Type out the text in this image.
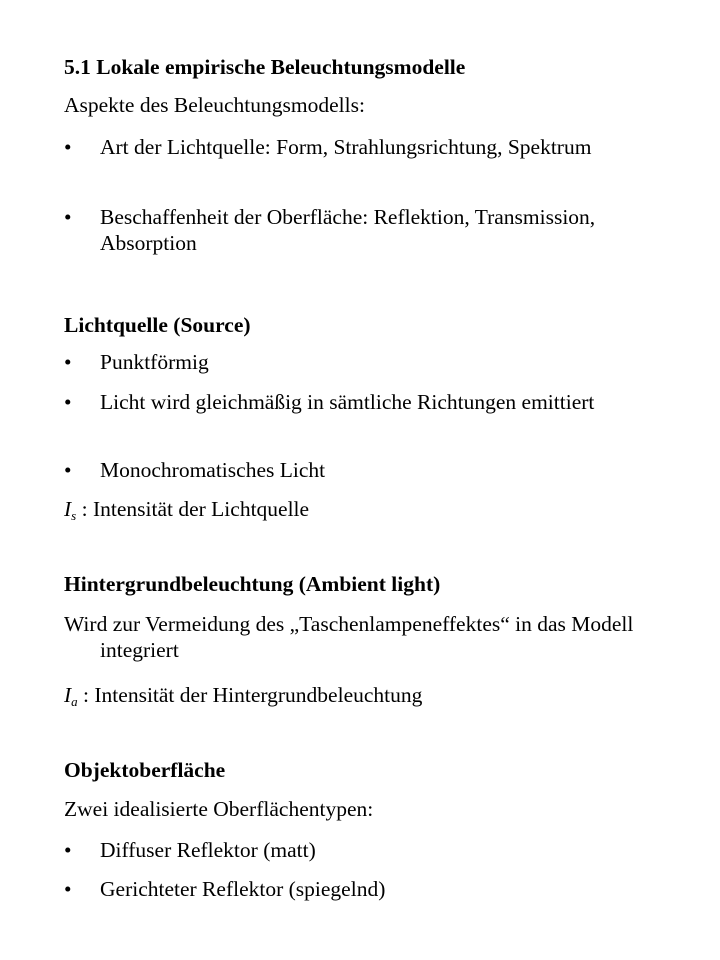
5.1 Lokale empirische Beleuchtungsmodelle
Aspekte des Beleuchtungsmodells:
• Art der Lichtquelle: Form, Strahlungsrichtung, Spektrum
• Beschaffenheit der Oberfläche: Reflektion, Transmission, Absorption
Lichtquelle (Source)
• Punktförmig
• Licht wird gleichmäßig in sämtliche Richtungen emittiert
• Monochromatisches Licht
$I_s$ : Intensität der Lichtquelle
Hintergrundbeleuchtung (Ambient light)
Wird zur Vermeidung des „Taschenlampeneffektes“ in das Modell integriert
$I_a$ : Intensität der Hintergrundbeleuchtung
Objektoberfläche
Zwei idealisierte Oberflächentypen:
• Diffuser Reflektor (matt)
• Gerichteter Reflektor (spiegelnd)
